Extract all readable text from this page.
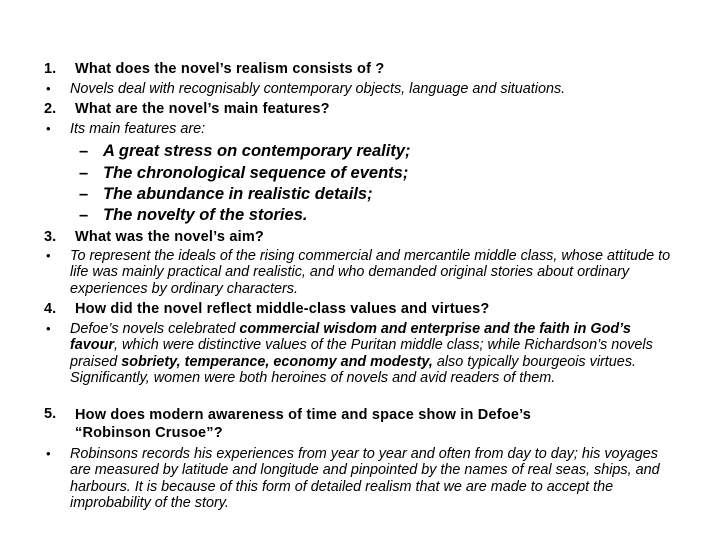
1. What does the novel’s realism consists of ?
• Novels deal with recognisably contemporary objects, language and situations.
2. What are the novel’s main features?
• Its main features are:
– A great stress on contemporary reality;
– The chronological sequence of events;
– The abundance in realistic details;
– The novelty of the stories.
3. What was the novel’s aim?
• To represent the ideals of the rising commercial and mercantile middle class, whose attitude to life was mainly practical and realistic, and who demanded original stories about ordinary experiences by ordinary characters.
4. How did the novel reflect middle-class values and virtues?
• Defoe’s novels celebrated commercial wisdom and enterprise and the faith in God’s favour, which were distinctive values of the Puritan middle class; while Richardson’s novels praised sobriety, temperance, economy and modesty, also typically bourgeois virtues. Significantly, women were both heroines of novels and avid readers of them.
5. How does modern awareness of time and space show in Defoe’s
“Robinson Crusoe”?
• Robinsons records his experiences from year to year and often from day to day; his voyages are measured by latitude and longitude and pinpointed by the names of real seas, ships, and harbours. It is because of this form of detailed realism that we are made to accept the improbability of the story.
